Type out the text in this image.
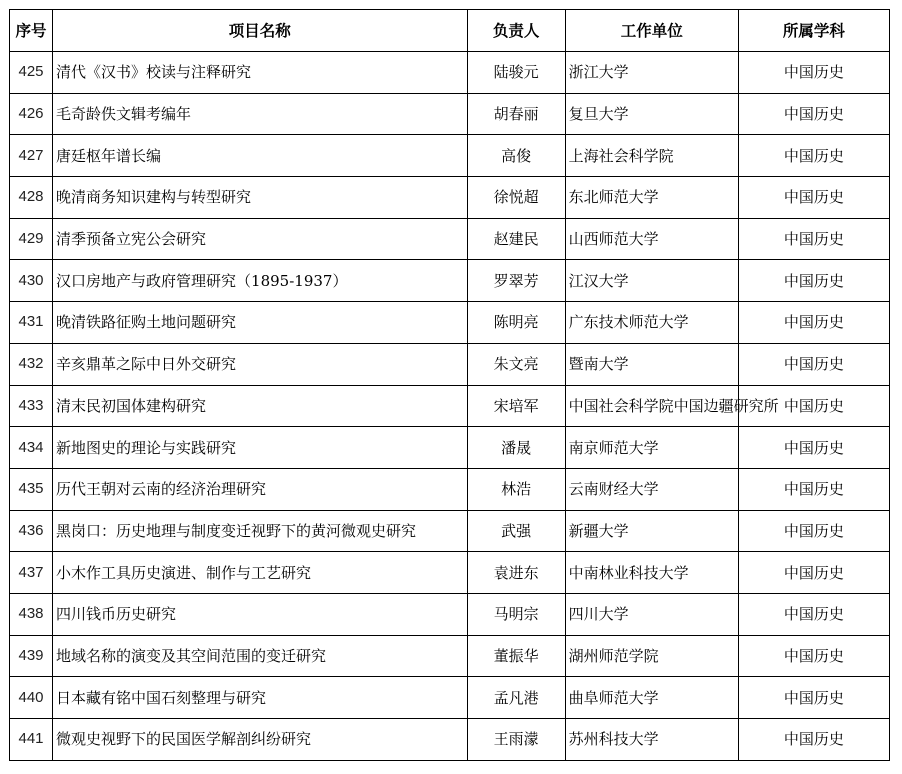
序号	项目名称	负责人	工作单位	所属学科
425	清代《汉书》校读与注释研究	陆骏元	浙江大学	中国历史
426	毛奇龄佚文辑考编年	胡春丽	复旦大学	中国历史
427	唐廷枢年谱长编	高俊	上海社会科学院	中国历史
428	晚清商务知识建构与转型研究	徐悦超	东北师范大学	中国历史
429	清季预备立宪公会研究	赵建民	山西师范大学	中国历史
430	汉口房地产与政府管理研究（1895-1937）	罗翠芳	江汉大学	中国历史
431	晚清铁路征购土地问题研究	陈明亮	广东技术师范大学	中国历史
432	辛亥鼎革之际中日外交研究	朱文亮	暨南大学	中国历史
433	清末民初国体建构研究	宋培军	中国社会科学院中国边疆研究所	中国历史
434	新地图史的理论与实践研究	潘晟	南京师范大学	中国历史
435	历代王朝对云南的经济治理研究	林浩	云南财经大学	中国历史
436	黑岗口：历史地理与制度变迁视野下的黄河微观史研究	武强	新疆大学	中国历史
437	小木作工具历史演进、制作与工艺研究	袁进东	中南林业科技大学	中国历史
438	四川钱币历史研究	马明宗	四川大学	中国历史
439	地域名称的演变及其空间范围的变迁研究	董振华	湖州师范学院	中国历史
440	日本藏有铭中国石刻整理与研究	孟凡港	曲阜师范大学	中国历史
441	微观史视野下的民国医学解剖纠纷研究	王雨濛	苏州科技大学	中国历史
